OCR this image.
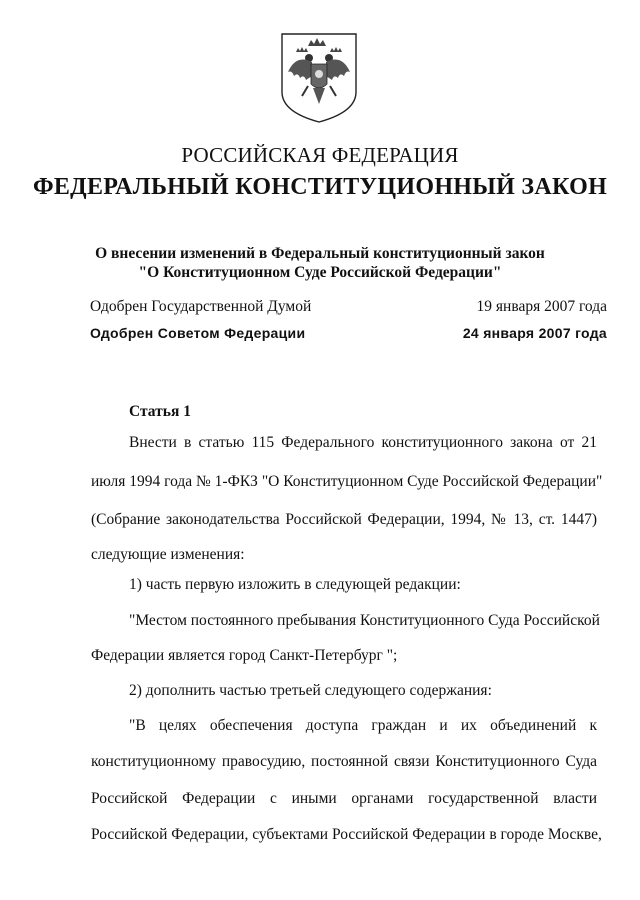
РОССИЙСКАЯ ФЕДЕРАЦИЯ
ФЕДЕРАЛЬНЫЙ КОНСТИТУЦИОННЫЙ ЗАКОН
О внесении изменений в Федеральный конституционный закон
"О Конституционном Суде Российской Федерации"
Одобрен Государственной Думой	19 января 2007 года
Одобрен Советом Федерации	24 января 2007 года
Статья 1
Внести в статью 115 Федерального конституционного закона от 21
июля 1994 года № 1-ФКЗ "О Конституционном Суде Российской Федерации"
(Собрание законодательства Российской Федерации, 1994, № 13, ст. 1447)
следующие изменения:
1) часть первую изложить в следующей редакции:
"Местом постоянного пребывания Конституционного Суда Российской
Федерации является город Санкт-Петербург ";
2) дополнить частью третьей следующего содержания:
"В целях обеспечения доступа граждан и их объединений к
конституционному правосудию, постоянной связи Конституционного Суда
Российской Федерации с иными органами государственной власти
Российской Федерации, субъектами Российской Федерации в городе Москве,
